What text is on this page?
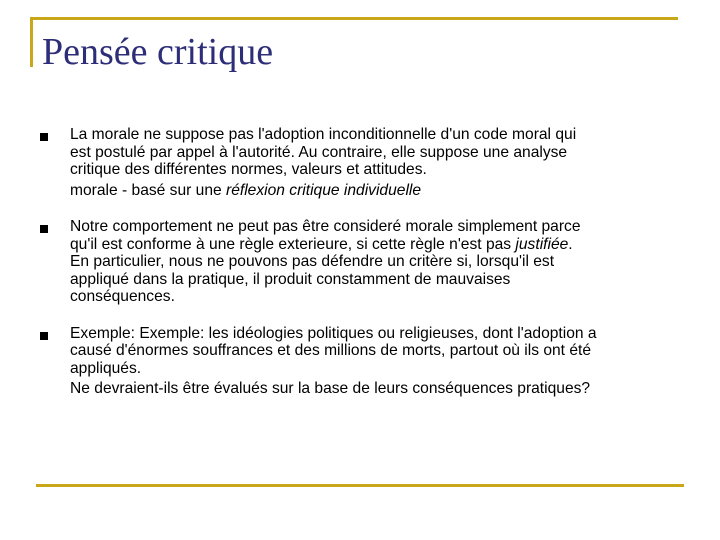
Pensée critique
La morale ne suppose pas l'adoption inconditionnelle d'un code moral qui
est postulé par appel à l'autorité. Au contraire, elle suppose une analyse
critique des différentes normes, valeurs et attitudes.
morale - basé sur une réflexion critique individuelle
Notre comportement ne peut pas être consideré morale simplement parce
qu'il est conforme à une règle exterieure, si cette règle n'est pas justifiée.
En particulier, nous ne pouvons pas défendre un critère si, lorsqu'il est
appliqué dans la pratique, il produit constamment de mauvaises
conséquences.
Exemple: Exemple: les idéologies politiques ou religieuses, dont l'adoption a
causé d'énormes souffrances et des millions de morts, partout où ils ont été
appliqués.
Ne devraient-ils être évalués sur la base de leurs conséquences pratiques?
